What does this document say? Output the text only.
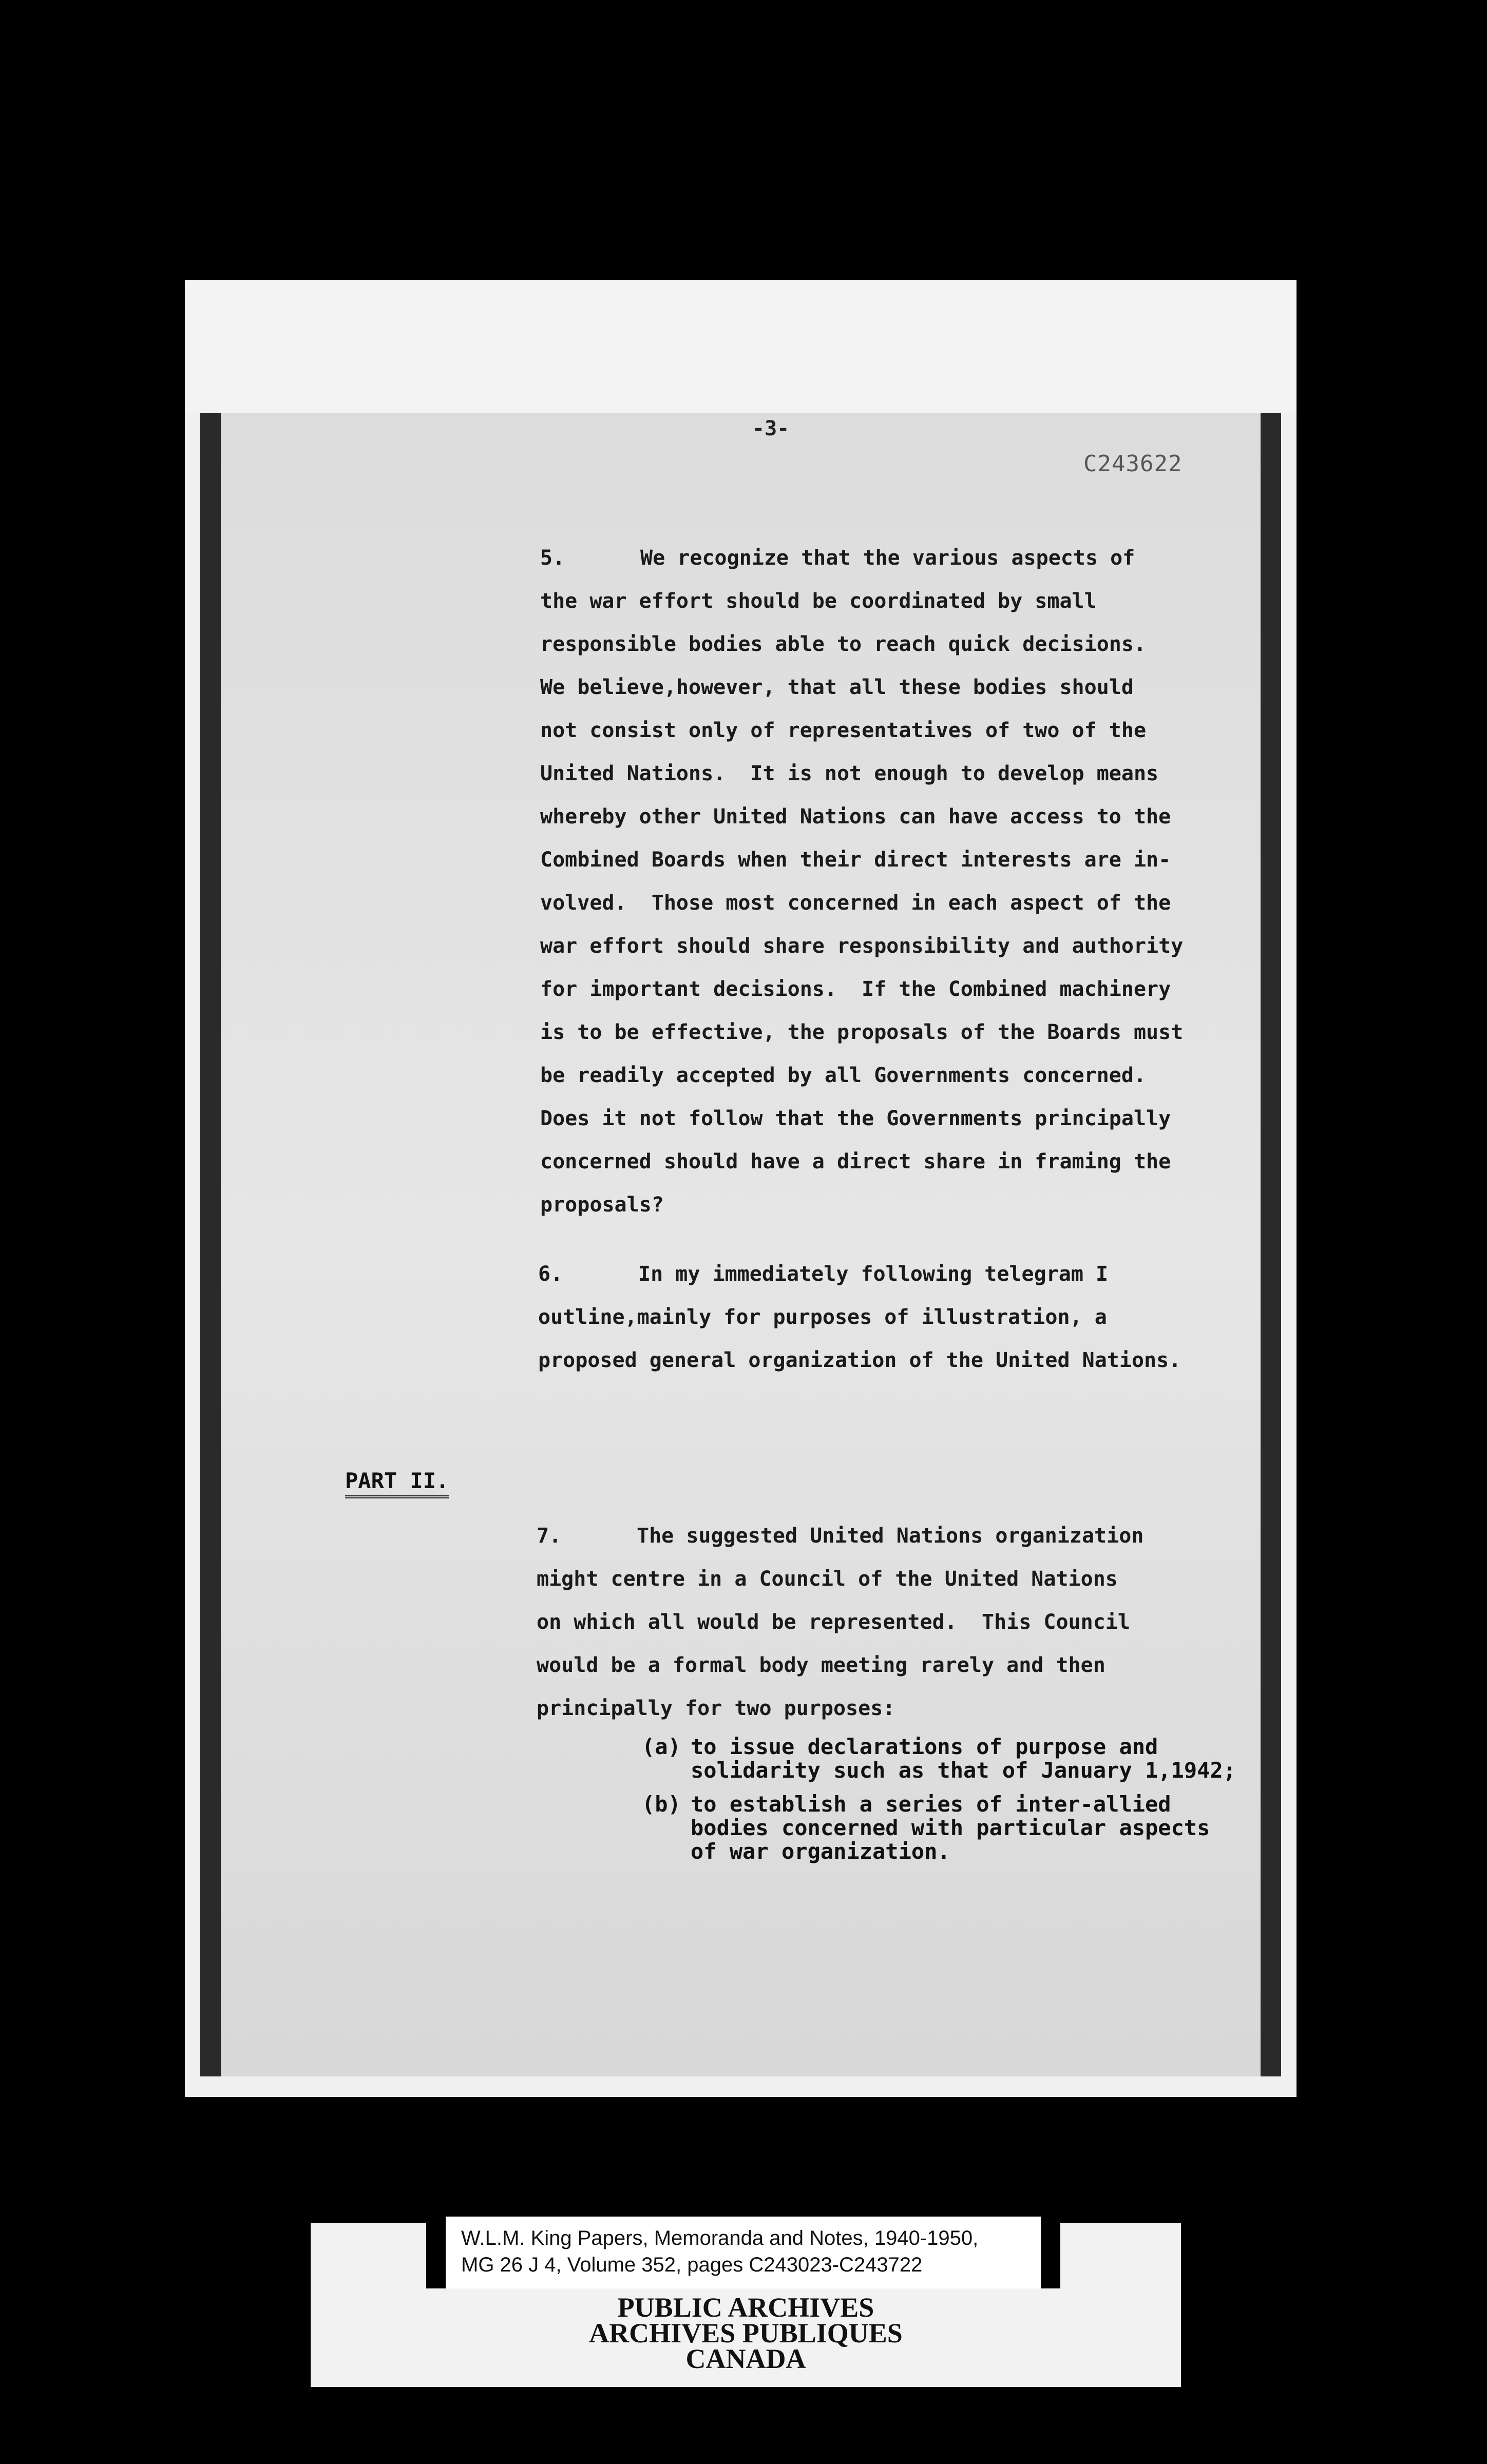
-3-
C243622
5.	We recognize that the various aspects of
the war effort should be coordinated by small
responsible bodies able to reach quick decisions.
We believe,however, that all these bodies should
not consist only of representatives of two of the
United Nations.  It is not enough to develop means
whereby other United Nations can have access to the
Combined Boards when their direct interests are in-
volved.  Those most concerned in each aspect of the
war effort should share responsibility and authority
for important decisions.  If the Combined machinery
is to be effective, the proposals of the Boards must
be readily accepted by all Governments concerned.
Does it not follow that the Governments principally
concerned should have a direct share in framing the
proposals?
6.	In my immediately following telegram I
outline,mainly for purposes of illustration, a
proposed general organization of the United Nations.
PART II.
7.	The suggested United Nations organization
might centre in a Council of the United Nations
on which all would be represented.  This Council
would be a formal body meeting rarely and then
principally for two purposes:
(a) to issue declarations of purpose and
solidarity such as that of January 1,1942;
(b) to establish a series of inter-allied
bodies concerned with particular aspects
of war organization.
W.L.M. King Papers, Memoranda and Notes, 1940-1950,
MG 26 J 4, Volume 352, pages C243023-C243722
PUBLIC ARCHIVES
ARCHIVES PUBLIQUES
CANADA
